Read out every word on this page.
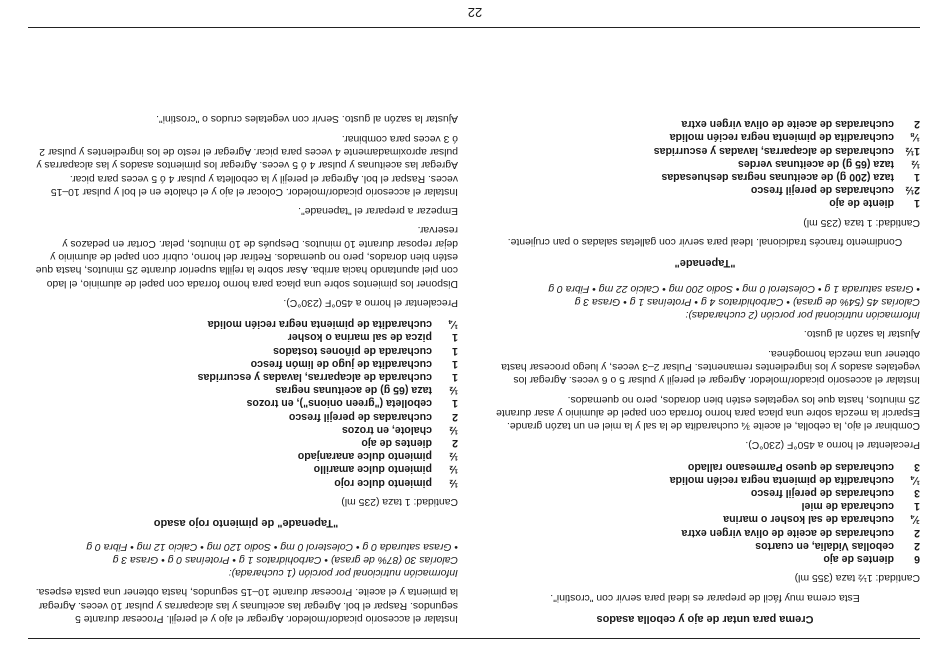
Crema para untar de ajo y cebolla asados
Esta crema muy fácil de preparar es ideal para servir con "crostini".
Cantidad: 1½ taza (355 ml)
6
dientes de ajo
2
cebollas Vidalia, en cuartos
2
cucharadas de aceite de oliva virgen extra
¾
cucharada de sal kosher o marina
1
cucharada de miel
3
cucharadas de perejil fresco
¼
cucharadita de pimienta negra recién molida
3
cucharadas de queso Parmesano rallado
Precalentar el horno a 450°F (230°C).
Combinar el ajo, la cebolla, el aceite ¾ cucharadita de la sal y la miel en un tazón grande. Esparcir la mezcla sobre una placa para horno forrada con papel de aluminio y asar durante 25 minutos, hasta que los vegetales estén bien dorados, pero no quemados.
Instalar el accesorio picador/moledor. Agregar el perejil y pulsar 5 o 6 veces. Agregar los vegetales asados y los ingredientes remanentes. Pulsar 2–3 veces, y luego procesar hasta obtener una mezcla homogénea.
Ajustar la sazón al gusto.
Información nutricional por porción (2 cucharadas):
Calorías 45 (54% de grasa) • Carbohidratos 4 g • Proteínas 1 g • Grasa 3 g
• Grasa saturada 1 g • Colesterol 0 mg • Sodio 200 mg • Calcio 22 mg • Fibra 0 g
"Tapenade"
Condimento francés tradicional. Ideal para servir con galletas saladas o pan crujiente.
Cantidad: 1 taza (235 ml)
1
diente de ajo
2½
cucharadas de perejil fresco
1
taza (200 g) de aceitunas negras deshuesadas
½
taza (65 g) de aceitunas verdes
1½
cucharadas de alcaparras, lavadas y escurridas
⅛
cucharadita de pimienta negra recién molida
2
cucharadas de aceite de oliva virgen extra
Instalar el accesorio picador/moledor. Agregar el ajo y el perejil. Procesar durante 5 segundos. Raspar el bol. Agregar las aceitunas y las alcaparras y pulsar 10 veces. Agregar la pimienta y el aceite. Procesar durante 10–15 segundos, hasta obtener una pasta espesa.
Información nutricional por porción (1 cucharada):
Calorías 30 (87% de grasa) • Carbohidratos 1 g • Proteínas 0 g • Grasa 3 g
• Grasa saturada 0 g • Colesterol 0 mg • Sodio 120 mg • Calcio 12 mg • Fibra 0 g
"Tapenade" de pimiento rojo asado
Cantidad: 1 taza (235 ml)
½
pimiento dulce rojo
½
pimiento dulce amarillo
½
pimiento dulce anaranjado
2
dientes de ajo
½
chalote, en trozos
2
cucharadas de perejil fresco
1
cebolleta ("green onions"), en trozos
½
taza (65 g) de aceitunas negras
1
cucharada de alcaparras, lavadas y escurridas
1
cucharadita de jugo de limón fresco
1
cucharada de piñones tostados
1
pizca de sal marina o kosher
¼
cucharadita de pimienta negra recién molida
Precalentar el horno a 450°F (230°C).
Disponer los pimientos sobre una placa para horno forrada con papel de aluminio, el lado con piel apuntando hacia arriba. Asar sobre la rejilla superior durante 25 minutos, hasta que estén bien dorados, pero no quemados. Retirar del horno, cubrir con papel de aluminio y dejar reposar durante 10 minutos. Después de 10 minutos, pelar. Cortar en pedazos y reservar.
Empezar a preparar el "tapenade".
Instalar el accesorio picador/moledor. Colocar el ajo y el chalote en el bol y pulsar 10–15 veces. Raspar el bol. Agregar el perejil y la cebolleta y pulsar 4 ó 5 veces para picar. Agregar las aceitunas y pulsar 4 ó 5 veces. Agregar los pimientos asados y las alcaparras y pulsar aproximadamente 4 veces para picar. Agregar el resto de los ingredientes y pulsar 2 ó 3 veces para combinar.
Ajustar la sazón al gusto. Servir con vegetales crudos o "crostini".
22
